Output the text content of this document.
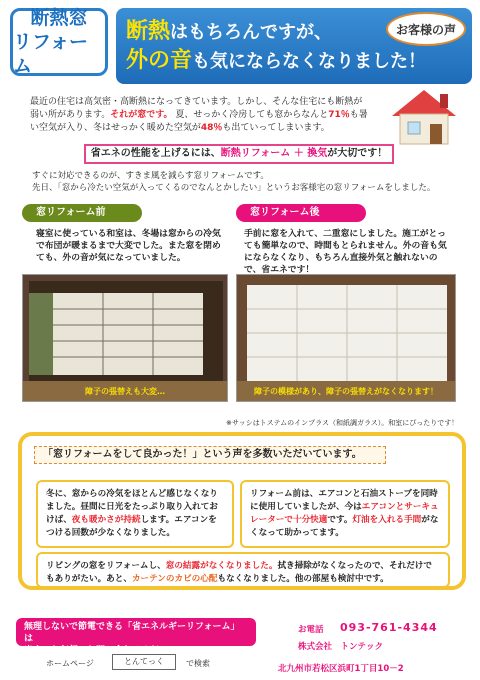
断熱窓
リフォーム
断熱はもちろんですが、
外の音も気にならなくなりました！
お客様の声
最近の住宅は高気密・高断熱になってきています。しかし、そんな住宅にも断熱が弱い所があります。それが窓です。 夏、せっかく冷房しても窓からなんと71％も暑い空気が入り、冬はせっかく暖めた空気が48％も出ていってしまいます。
省エネの性能を上げるには、断熱リフォーム ＋ 換気が大切です！
すぐに対応できるのが、すきま風を減らす窓リフォームです。
先日、「窓から冷たい空気が入ってくるのでなんとかしたい」というお客様宅の窓リフォームをしました。
窓リフォーム前	窓リフォーム後
寝室に使っている和室は、冬場は窓からの冷気で布団が暖まるまで大変でした。また窓を閉めても、外の音が気になっていました。
手前に窓を入れて、二重窓にしました。施工がとっても簡単なので、時間もとられません。外の音も気にならなくなり、もちろん直接外気と触れないので、省エネです！
障子の張替えも大変…	障子の模様があり、障子の張替えがなくなります！
※サッシはトステムのインプラス（和紙調ガラス）。和室にぴったりです！
「窓リフォームをして良かった！」という声を多数いただいています。
冬に、窓からの冷気をほとんど感じなくなりました。昼間に日光をたっぷり取り入れておけば、夜も暖かさが持続します。エアコンをつける回数が少なくなりました。
リフォーム前は、エアコンと石油ストーブを同時に使用していましたが、今はエアコンとサーキュレーターで十分快適です。灯油を入れる手間がなくなって助かってます。
リビングの窓をリフォームし、窓の結露がなくなりました。拭き掃除がなくなったので、それだけでもありがたい。あと、カーテンのカビの心配もなくなりました。他の部屋も検討中です。
無理しないで節電できる「省エネルギーリフォーム」は
当店へお気軽にお問い合わせください
お電話 093-761-4344
株式会社　トンテック
北九州市若松区浜町1丁目10－2
ホームページ	とんてっく	で検索
